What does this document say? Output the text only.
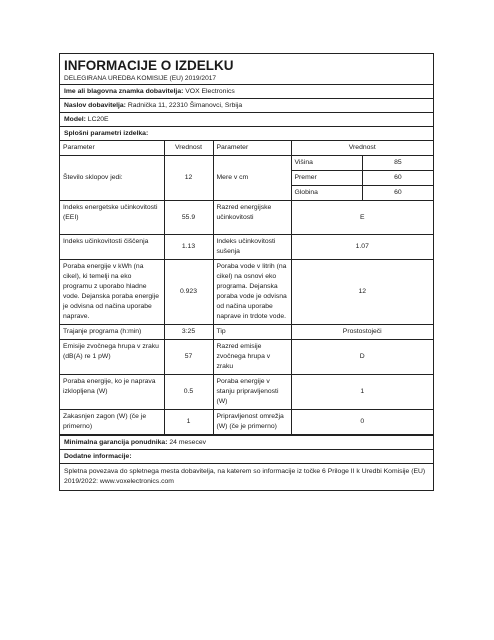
INFORMACIJE O IZDELKU
DELEGIRANA UREDBA KOMISIJE (EU) 2019/2017
Ime ali blagovna znamka dobavitelja: VOX Electronics
Naslov dobavitelja: Radnička 11, 22310 Šimanovci, Srbija
Model: LC20E
Splošni parametri izdelka:
Parameter	Vrednost	Parameter	Vrednost
Število sklopov jedi:	12	Mere v cm	
Višina	85
Premer	60
Globina	60

Indeks energetske učinkovitosti (EEI)	55.9	Razred energijske učinkovitosti	E
Indeks učinkovitosti čiščenja	1.13	Indeks učinkovitosti sušenja	1.07
Poraba energije v kWh (na cikel), ki temelji na eko programu z uporabo hladne vode. Dejanska poraba energije je odvisna od načina uporabe naprave.	0.923	Poraba vode v litrih (na cikel) na osnovi eko programa. Dejanska poraba vode je odvisna od načina uporabe naprave in trdote vode.	12
Trajanje programa (h:min)	3:25	Tip	Prostostoječi
Emisije zvočnega hrupa v zraku (dB(A) re 1 pW)	57	Razred emisije zvočnega hrupa v zraku	D
Poraba energije, ko je naprava izklopljena (W)	0.5	Poraba energije v stanju pripravljenosti (W)	1
Zakasnjen zagon (W) (če je primerno)	1	Pripravljenost omrežja (W) (če je primerno)	0
Minimalna garancija ponudnika: 24 mesecev
Dodatne informacije:
Spletna povezava do spletnega mesta dobavitelja, na katerem so informacije iz točke 6 Priloge II k Uredbi Komisije (EU) 2019/2022: www.voxelectronics.com
